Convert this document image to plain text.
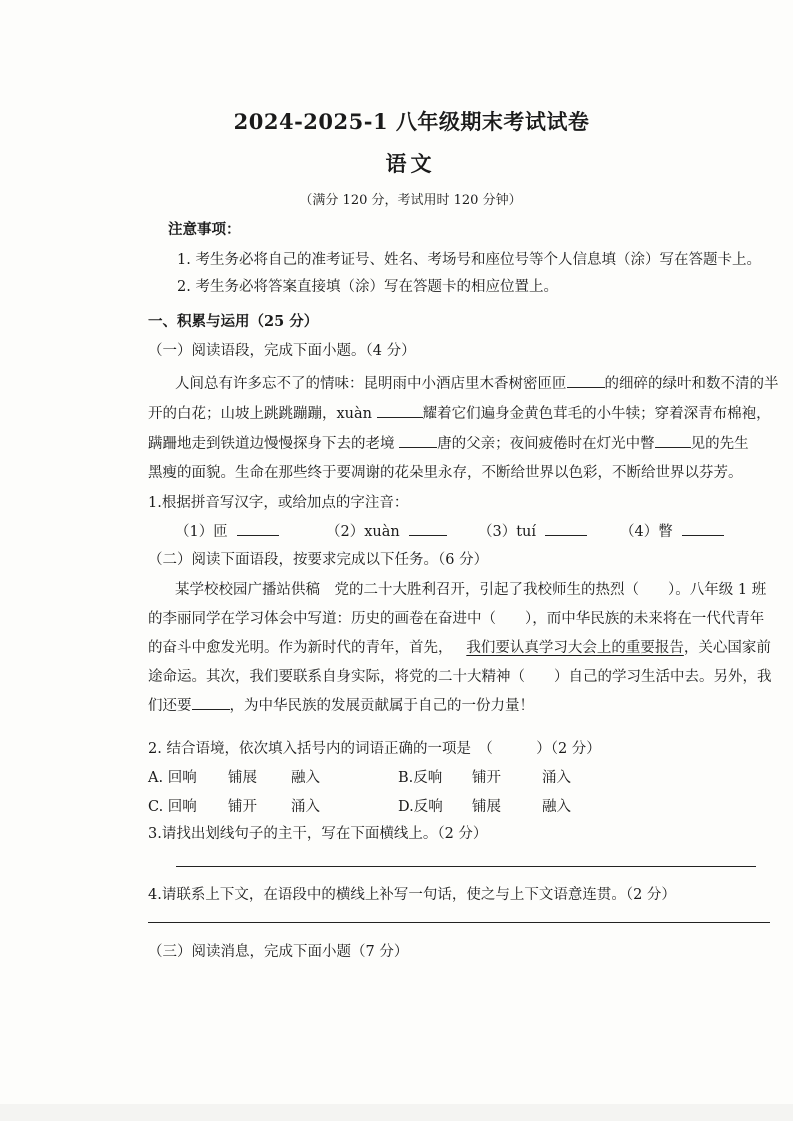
2024-2025-1 八年级期末考试试卷
语文
（满分 120 分，考试用时 120 分钟）
注意事项：
1. 考生务必将自己的准考证号、姓名、考场号和座位号等个人信息填（涂）写在答题卡上。
2. 考生务必将答案直接填（涂）写在答题卡的相应位置上。
一、积累与运用（25 分）
（一）阅读语段，完成下面小题。（4 分）
人间总有许多忘不了的情味：昆明雨中小酒店里木香树密匝匝	的细碎的绿叶和数不清的半
开的白花；山坡上跳跳蹦蹦，xuàn	耀着它们遍身金黄色茸毛的小牛犊；穿着深青布棉袍，
蹒跚地走到铁道边慢慢探身下去的老境	唐的父亲；夜间疲倦时在灯光中瞥 见的先生
黑瘦的面貌。生命在那些终于要凋谢的花朵里永存，不断给世界以色彩，不断给世界以芬芳。
1.根据拼音写汉字，或给加点的字注音：
（1）匝	（2）xuàn	（3）tuí	（4）瞥
（二）阅读下面语段，按要求完成以下任务。（6 分）
某学校校园广播站供稿　党的二十大胜利召开，引起了我校师生的热烈（　　）。八年级 1 班
的李丽同学在学习体会中写道：历史的画卷在奋进中（　　），而中华民族的未来将在一代代青年
的奋斗中愈发光明。作为新时代的青年，首先， 我们要认真学习大会上的重要报告，关心国家前
途命运。其次，我们要联系自身实际，将党的二十大精神（　　）自己的学习生活中去。另外，我
们还要	，为中华民族的发展贡献属于自己的一份力量！
2. 结合语境，依次填入括号内的词语正确的一项是　（　　　）（2 分）
A. 回响 铺展 融入	B.反响 铺开	涌入
C. 回响 铺开 涌入	D.反响 铺展	融入
3.请找出划线句子的主干，写在下面横线上。（2 分）
4.请联系上下文，在语段中的横线上补写一句话，使之与上下文语意连贯。（2 分）
（三）阅读消息，完成下面小题（7 分）
